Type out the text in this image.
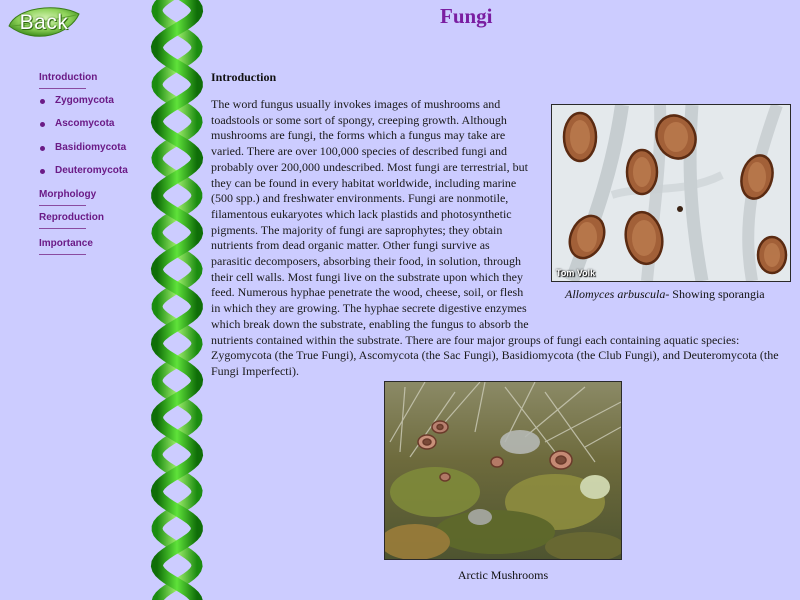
Back	Fungi
Introduction
Zygomycota
Ascomycota
Basidiomycota
Deuteromycota
Morphology
Reproduction
Importance
Introduction

The word fungus usually invokes images of mushrooms and toadstools or some sort of spongy, creeping growth. Although mushrooms are fungi, the forms which a fungus may take are varied. There are over 100,000 species of described fungi and probably over 200,000 undescribed. Most fungi are terrestrial, but they can be found in every habitat worldwide, including marine (500 spp.) and freshwater environments. Fungi are nonmotile, filamentous eukaryotes which lack plastids and photosynthetic pigments. The majority of fungi are saprophytes; they obtain nutrients from dead organic matter. Other fungi survive as parasitic decomposers, absorbing their food, in solution, through their cell walls. Most fungi live on the substrate upon which they feed. Numerous hyphae penetrate the wood, cheese, soil, or flesh in which they are growing. The hyphae secrete digestive enzymes which break down the substrate, enabling the fungus to absorb the nutrients contained within the substrate. There are four major groups of fungi each containing aquatic species: Zygomycota (the True Fungi), Ascomycota (the Sac Fungi), Basidiomycota (the Club Fungi), and Deuteromycota (the Fungi Imperfecti).

Tom Volk

Allomyces arbuscula- Showing sporangia

Arctic Mushrooms
